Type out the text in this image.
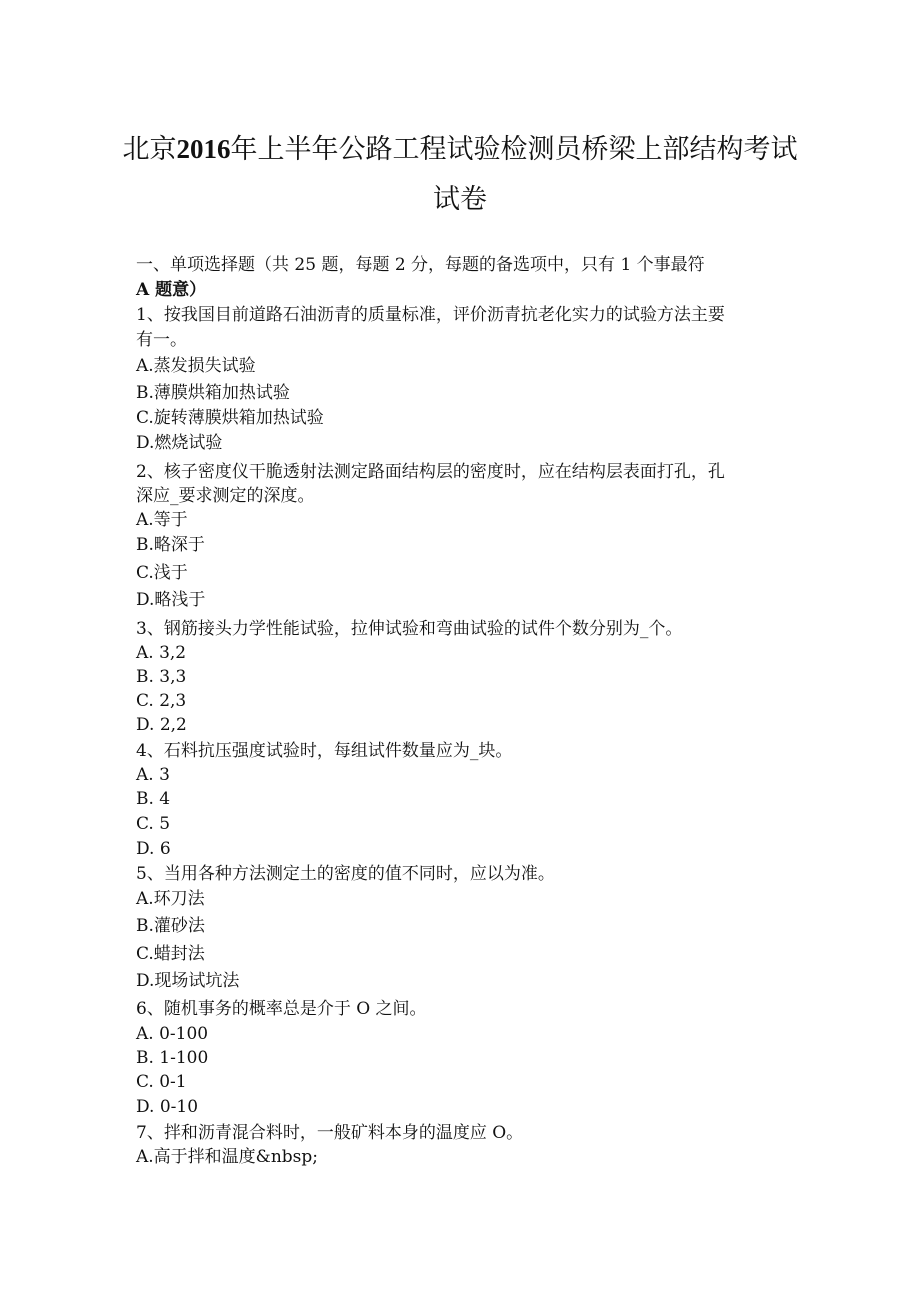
北京2016年上半年公路工程试验检测员桥梁上部结构考试
试卷
一、单项选择题（共 25 题，每题 2 分，每题的备选项中，只有 1 个事最符
A 题意）
1、按我国目前道路石油沥青的质量标准，评价沥青抗老化实力的试验方法主要
有一。
A.蒸发损失试验
B.薄膜烘箱加热试验
C.旋转薄膜烘箱加热试验
D.燃烧试验
2、核子密度仪干脆透射法测定路面结构层的密度时，应在结构层表面打孔，孔
深应_要求测定的深度。
A.等于
B.略深于
C.浅于
D.略浅于
3、钢筋接头力学性能试验，拉伸试验和弯曲试验的试件个数分别为_个。
A. 3,2
B. 3,3
C. 2,3
D. 2,2
4、石料抗压强度试验时，每组试件数量应为_块。
A. 3
B. 4
C. 5
D. 6
5、当用各种方法测定土的密度的值不同时，应以为准。
A.环刀法
B.灌砂法
C.蜡封法
D.现场试坑法
6、随机事务的概率总是介于 O 之间。
A. 0-100
B. 1-100
C. 0-1
D. 0-10
7、拌和沥青混合料时，一般矿料本身的温度应 O。
A.高于拌和温度&nbsp;
